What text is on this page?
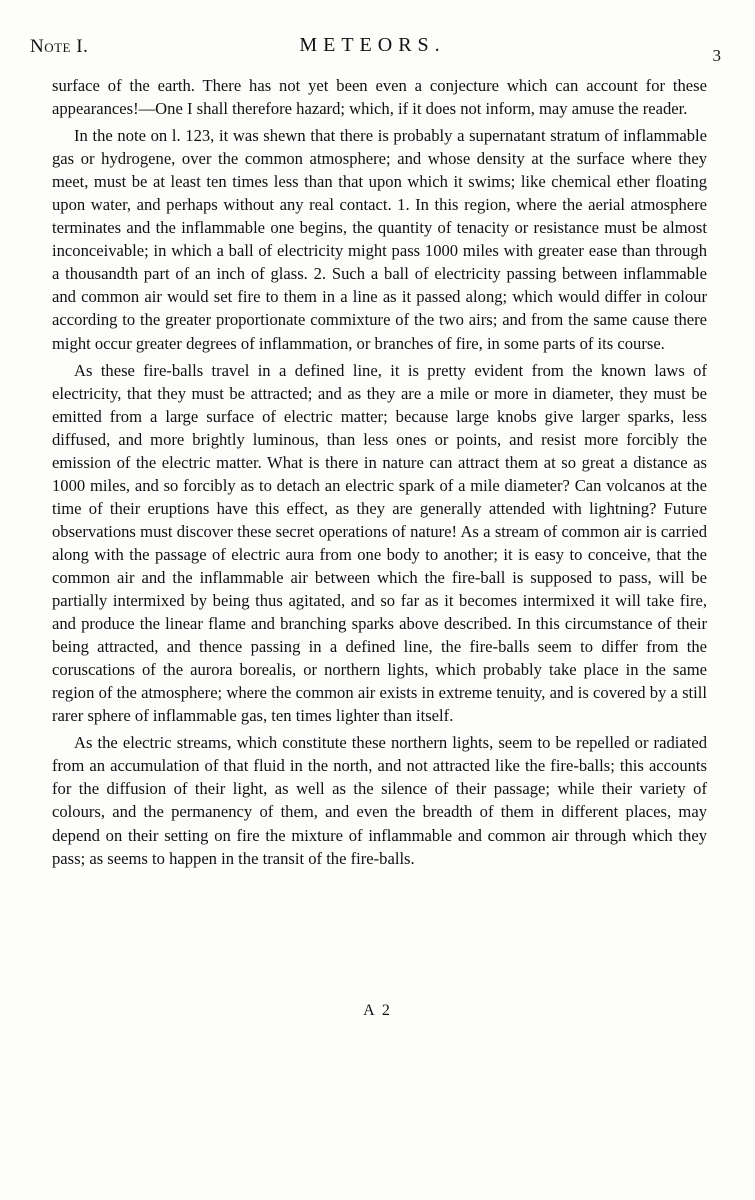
Note I.	METEORS.	3

surface of the earth. There has not yet been even a conjecture which can account for these appearances!—One I shall therefore hazard; which, if it does not inform, may amuse the reader.

In the note on l. 123, it was shewn that there is probably a supernatant stratum of inflammable gas or hydrogene, over the common atmosphere; and whose density at the surface where they meet, must be at least ten times less than that upon which it swims; like chemical ether floating upon water, and perhaps without any real contact. 1. In this region, where the aerial atmosphere terminates and the inflammable one begins, the quantity of tenacity or resistance must be almost inconceivable; in which a ball of electricity might pass 1000 miles with greater ease than through a thousandth part of an inch of glass. 2. Such a ball of electricity passing between inflammable and common air would set fire to them in a line as it passed along; which would differ in colour according to the greater proportionate commixture of the two airs; and from the same cause there might occur greater degrees of inflammation, or branches of fire, in some parts of its course.

As these fire-balls travel in a defined line, it is pretty evident from the known laws of electricity, that they must be attracted; and as they are a mile or more in diameter, they must be emitted from a large surface of electric matter; because large knobs give larger sparks, less diffused, and more brightly luminous, than less ones or points, and resist more forcibly the emission of the electric matter. What is there in nature can attract them at so great a distance as 1000 miles, and so forcibly as to detach an electric spark of a mile diameter? Can volcanos at the time of their eruptions have this effect, as they are generally attended with lightning? Future observations must discover these secret operations of nature! As a stream of common air is carried along with the passage of electric aura from one body to another; it is easy to conceive, that the common air and the inflammable air between which the fire-ball is supposed to pass, will be partially intermixed by being thus agitated, and so far as it becomes intermixed it will take fire, and produce the linear flame and branching sparks above described. In this circumstance of their being attracted, and thence passing in a defined line, the fire-balls seem to differ from the coruscations of the aurora borealis, or northern lights, which probably take place in the same region of the atmosphere; where the common air exists in extreme tenuity, and is covered by a still rarer sphere of inflammable gas, ten times lighter than itself.

As the electric streams, which constitute these northern lights, seem to be repelled or radiated from an accumulation of that fluid in the north, and not attracted like the fire-balls; this accounts for the diffusion of their light, as well as the silence of their passage; while their variety of colours, and the permanency of them, and even the breadth of them in different places, may depend on their setting on fire the mixture of inflammable and common air through which they pass; as seems to happen in the transit of the fire-balls.

A 2
